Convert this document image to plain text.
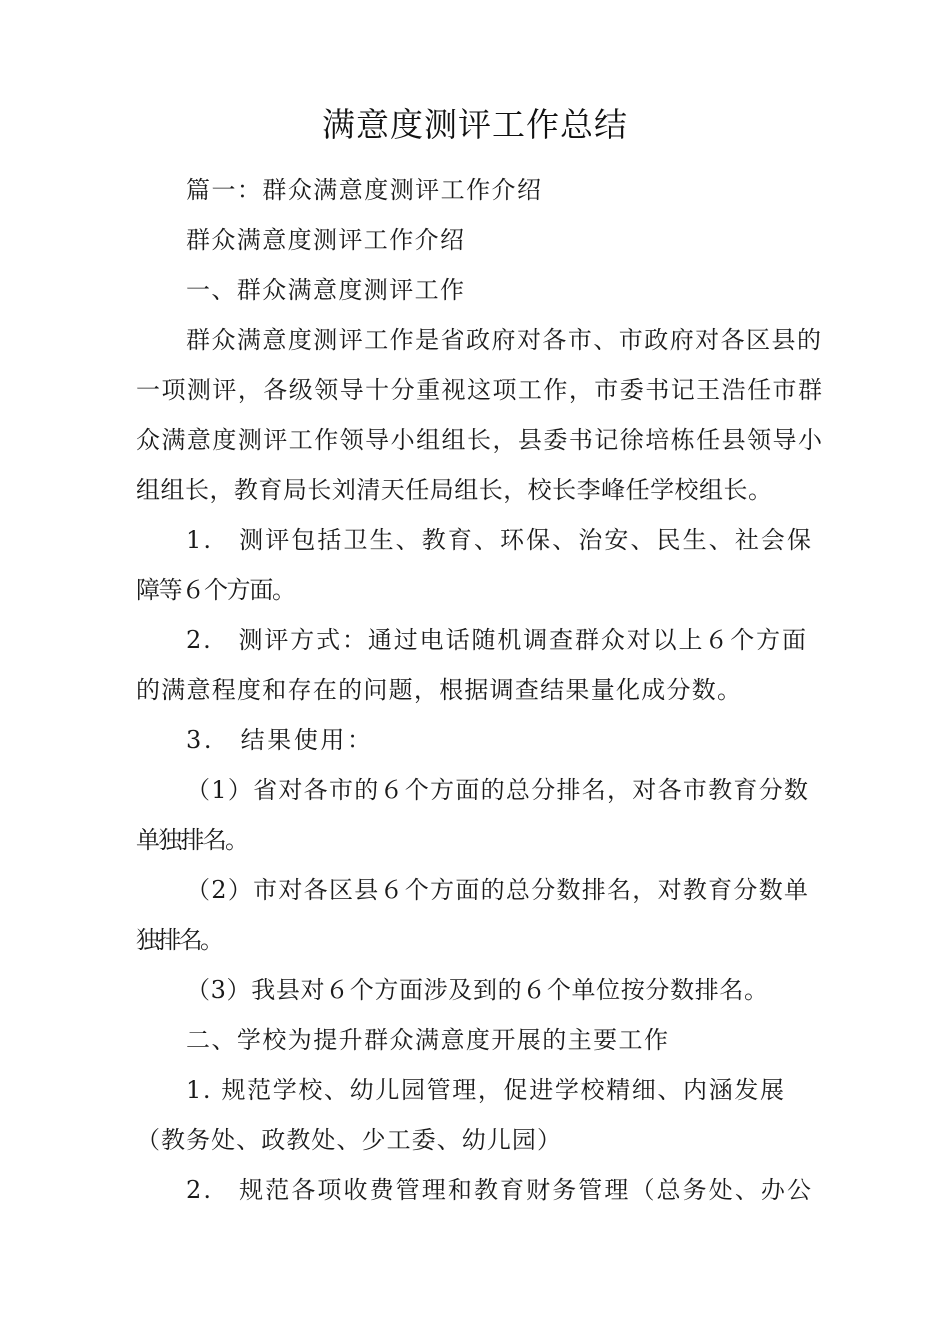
满意度测评工作总结
篇一：群众满意度测评工作介绍
群众满意度测评工作介绍
一、群众满意度测评工作
群众满意度测评工作是省政府对各市、市政府对各区县的
一项测评，各级领导十分重视这项工作，市委书记王浩任市群
众满意度测评工作领导小组组长，县委书记徐培栋任县领导小
组组长，教育局长刘清天任局组长，校长李峰任学校组长。
1.　测评包括卫生、教育、环保、治安、民生、社会保
障等６个方面。
2.　测评方式：通过电话随机调查群众对以上６个方面
的满意程度和存在的问题，根据调查结果量化成分数。
3.　结果使用：
（1）省对各市的６个方面的总分排名，对各市教育分数
单独排名。
（2）市对各区县６个方面的总分数排名，对教育分数单
独排名。
（3）我县对６个方面涉及到的６个单位按分数排名。
二、学校为提升群众满意度开展的主要工作
1. 规范学校、幼儿园管理，促进学校精细、内涵发展
（教务处、政教处、少工委、幼儿园）
2.　规范各项收费管理和教育财务管理（总务处、办公
